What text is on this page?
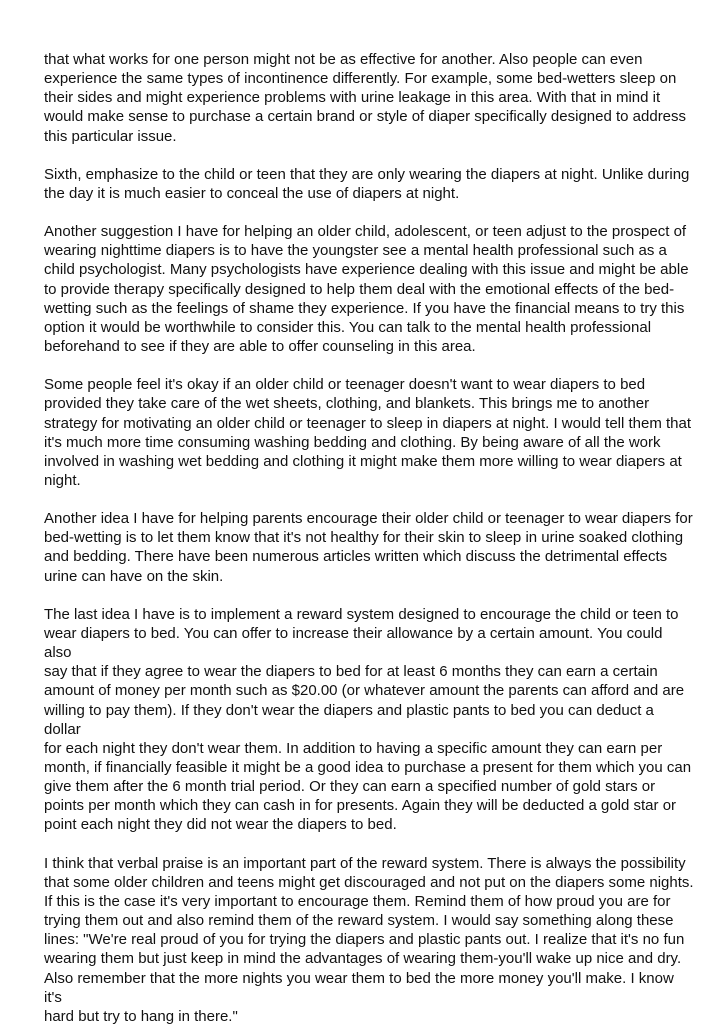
that what works for one person might not be as effective for another. Also people can even
experience the same types of incontinence differently. For example, some bed-wetters sleep on
their sides and might experience problems with urine leakage in this area. With that in mind it
would make sense to purchase a certain brand or style of diaper specifically designed to address
this particular issue.

Sixth, emphasize to the child or teen that they are only wearing the diapers at night. Unlike during
the day it is much easier to conceal the use of diapers at night.

Another suggestion I have for helping an older child, adolescent, or teen adjust to the prospect of
wearing nighttime diapers is to have the youngster see a mental health professional such as a
child psychologist. Many psychologists have experience dealing with this issue and might be able
to provide therapy specifically designed to help them deal with the emotional effects of the bed-
wetting such as the feelings of shame they experience. If you have the financial means to try this
option it would be worthwhile to consider this. You can talk to the mental health professional
beforehand to see if they are able to offer counseling in this area.

Some people feel it's okay if an older child or teenager doesn't want to wear diapers to bed
provided they take care of the wet sheets, clothing, and blankets. This brings me to another
strategy for motivating an older child or teenager to sleep in diapers at night. I would tell them that
it's much more time consuming washing bedding and clothing. By being aware of all the work
involved in washing wet bedding and clothing it might make them more willing to wear diapers at
night.

Another idea I have for helping parents encourage their older child or teenager to wear diapers for
bed-wetting is to let them know that it's not healthy for their skin to sleep in urine soaked clothing
and bedding. There have been numerous articles written which discuss the detrimental effects
urine can have on the skin.

The last idea I have is to implement a reward system designed to encourage the child or teen to
wear diapers to bed. You can offer to increase their allowance by a certain amount. You could also
say that if they agree to wear the diapers to bed for at least 6 months they can earn a certain
amount of money per month such as $20.00 (or whatever amount the parents can afford and are
willing to pay them). If they don't wear the diapers and plastic pants to bed you can deduct a dollar
for each night they don't wear them. In addition to having a specific amount they can earn per
month, if financially feasible it might be a good idea to purchase a present for them which you can
give them after the 6 month trial period. Or they can earn a specified number of gold stars or
points per month which they can cash in for presents. Again they will be deducted a gold star or
point each night they did not wear the diapers to bed.

I think that verbal praise is an important part of the reward system. There is always the possibility
that some older children and teens might get discouraged and not put on the diapers some nights.
If this is the case it's very important to encourage them. Remind them of how proud you are for
trying them out and also remind them of the reward system. I would say something along these
lines: "We're real proud of you for trying the diapers and plastic pants out. I realize that it's no fun
wearing them but just keep in mind the advantages of wearing them-you'll wake up nice and dry.
Also remember that the more nights you wear them to bed the more money you'll make. I know it's
hard but try to hang in there."
